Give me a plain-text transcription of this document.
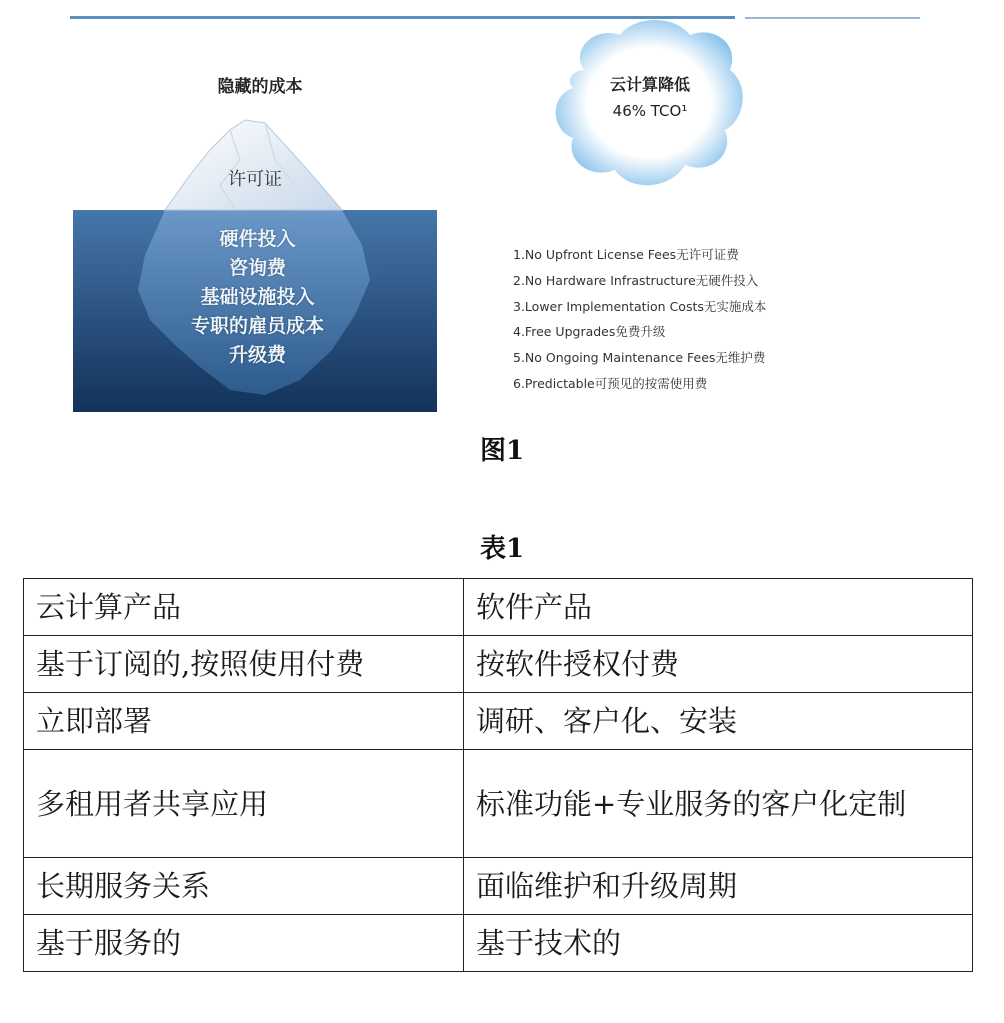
隐藏的成本
许可证
硬件投入
咨询费
基础设施投入
专职的雇员成本
升级费
云计算降低
46% TCO¹
1.No Upfront License Fees无许可证费
2.No Hardware Infrastructure无硬件投入
3.Lower Implementation Costs无实施成本
4.Free Upgrades免费升级
5.No Ongoing Maintenance Fees无维护费
6.Predictable可预见的按需使用费
图1
表1
云计算产品	软件产品
基于订阅的,按照使用付费	按软件授权付费
立即部署	调研、客户化、安装
多租用者共享应用	标准功能+专业服务的客户化定制
长期服务关系	面临维护和升级周期
基于服务的	基于技术的
